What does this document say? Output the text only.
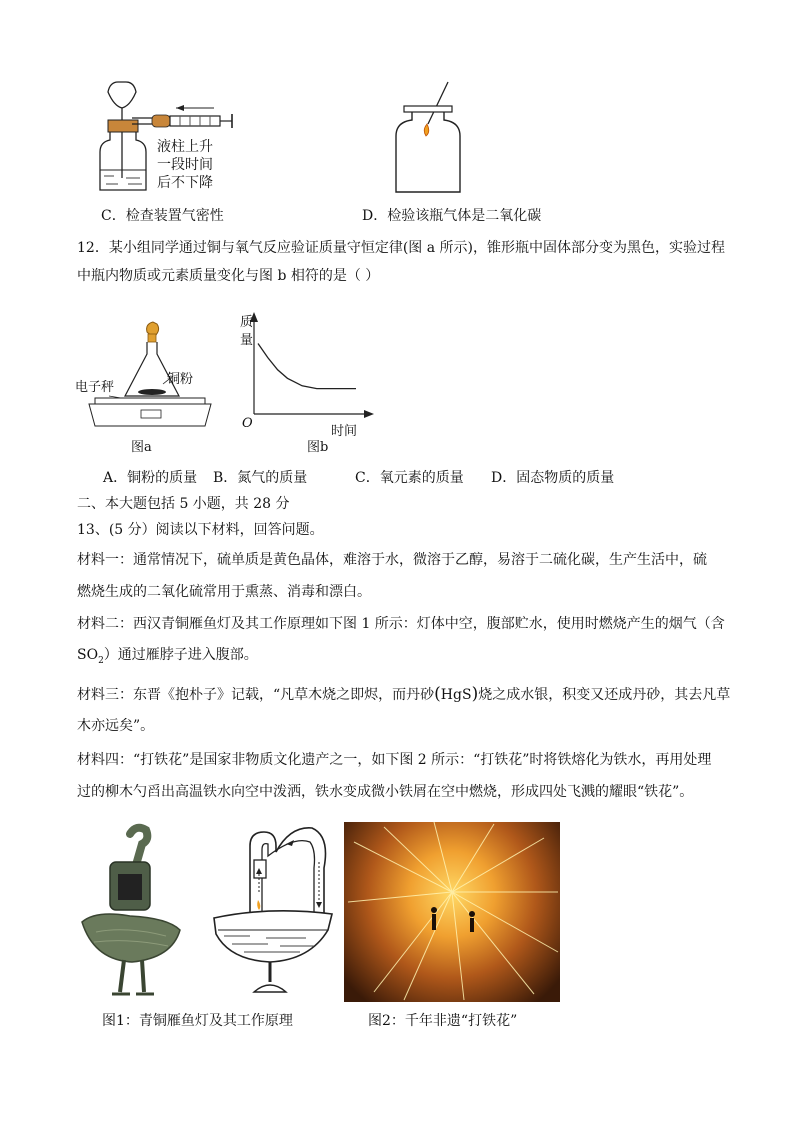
液柱上升
一段时间
后不下降
C．检查装置气密性	D．检验该瓶气体是二氧化碳
12．某小组同学通过铜与氧气反应验证质量守恒定律(图 a 所示)，锥形瓶中固体部分变为黑色，实验过程
中瓶内物质或元素质量变化与图 b 相符的是（ ）
铜粉
电子秤
图a
质
量
O
时间
图b
A．铜粉的质量 B．氮气的质量	C．氧元素的质量 D．固态物质的质量
二、本大题包括 5 小题，共 28 分
13、(5 分）阅读以下材料，回答问题。
材料一：通常情况下，硫单质是黄色晶体，难溶于水，微溶于乙醇，易溶于二硫化碳，生产生活中，硫燃烧生成的二氧化硫常用于熏蒸、消毒和漂白。
材料二：西汉青铜雁鱼灯及其工作原理如下图 1 所示：灯体中空，腹部贮水，使用时燃烧产生的烟气（含
$SO_2$）通过雁脖子进入腹部。
材料三：东晋《抱朴子》记载，“凡草木烧之即烬，而丹砂(HgS)烧之成水银，积变又还成丹砂，其去凡草
木亦远矣”。
材料四：“打铁花”是国家非物质文化遗产之一，如下图 2 所示：“打铁花”时将铁熔化为铁水，再用处理过的柳木勺舀出高温铁水向空中泼洒，铁水变成微小铁屑在空中燃烧，形成四处飞溅的耀眼“铁花”。
图1：青铜雁鱼灯及其工作原理	图2：千年非遗“打铁花”
